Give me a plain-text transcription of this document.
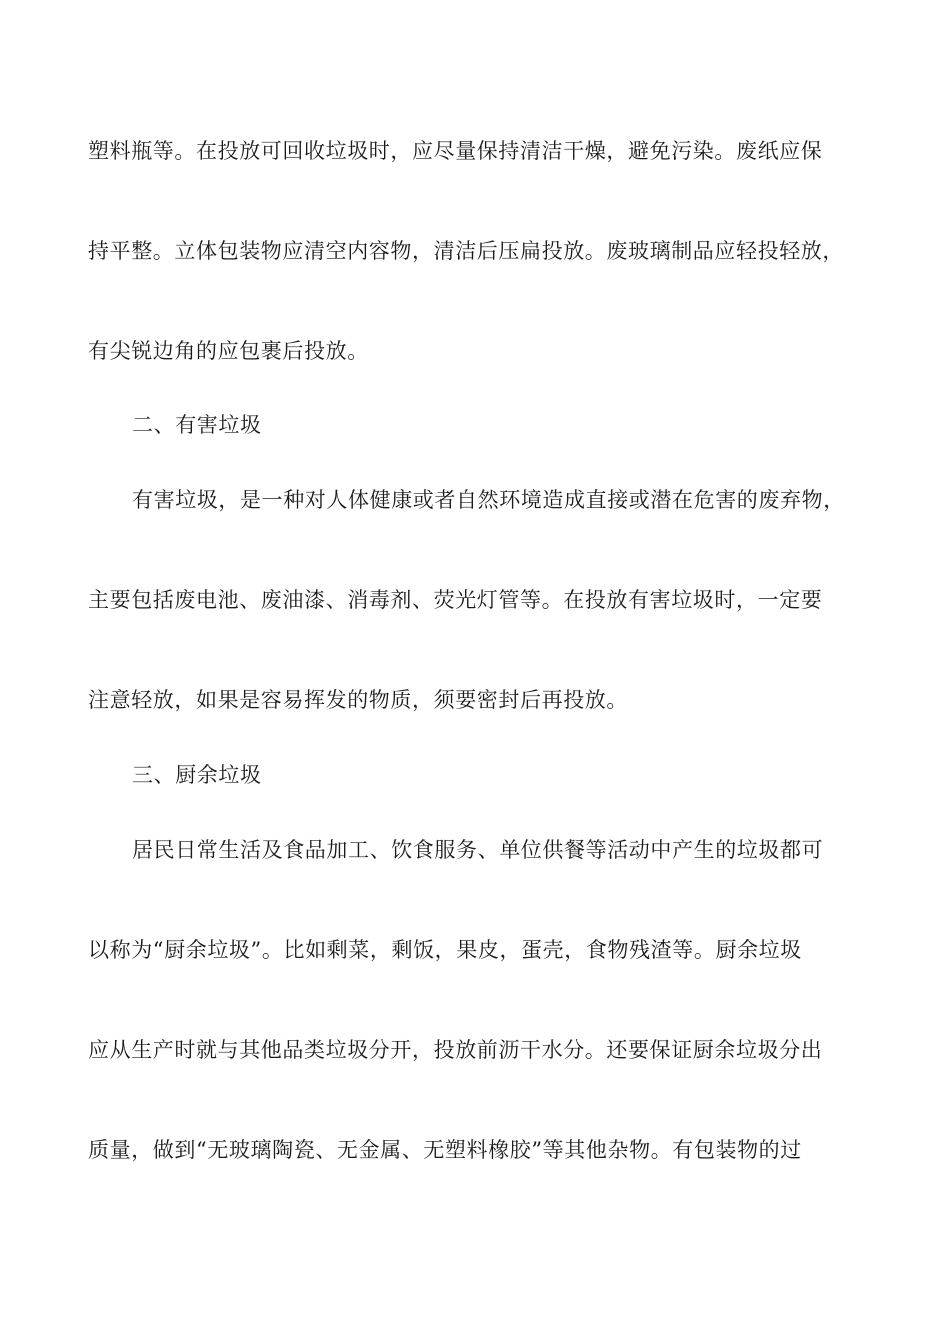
塑料瓶等。在投放可回收垃圾时，应尽量保持清洁干燥，避免污染。废纸应保
持平整。立体包装物应清空内容物，清洁后压扁投放。废玻璃制品应轻投轻放，
有尖锐边角的应包裹后投放。
二、有害垃圾
有害垃圾，是一种对人体健康或者自然环境造成直接或潜在危害的废弃物，
主要包括废电池、废油漆、消毒剂、荧光灯管等。在投放有害垃圾时，一定要
注意轻放，如果是容易挥发的物质，须要密封后再投放。
三、厨余垃圾
居民日常生活及食品加工、饮食服务、单位供餐等活动中产生的垃圾都可
以称为“厨余垃圾”。比如剩菜，剩饭，果皮，蛋壳，食物残渣等。厨余垃圾
应从生产时就与其他品类垃圾分开，投放前沥干水分。还要保证厨余垃圾分出
质量，做到“无玻璃陶瓷、无金属、无塑料橡胶”等其他杂物。有包装物的过
